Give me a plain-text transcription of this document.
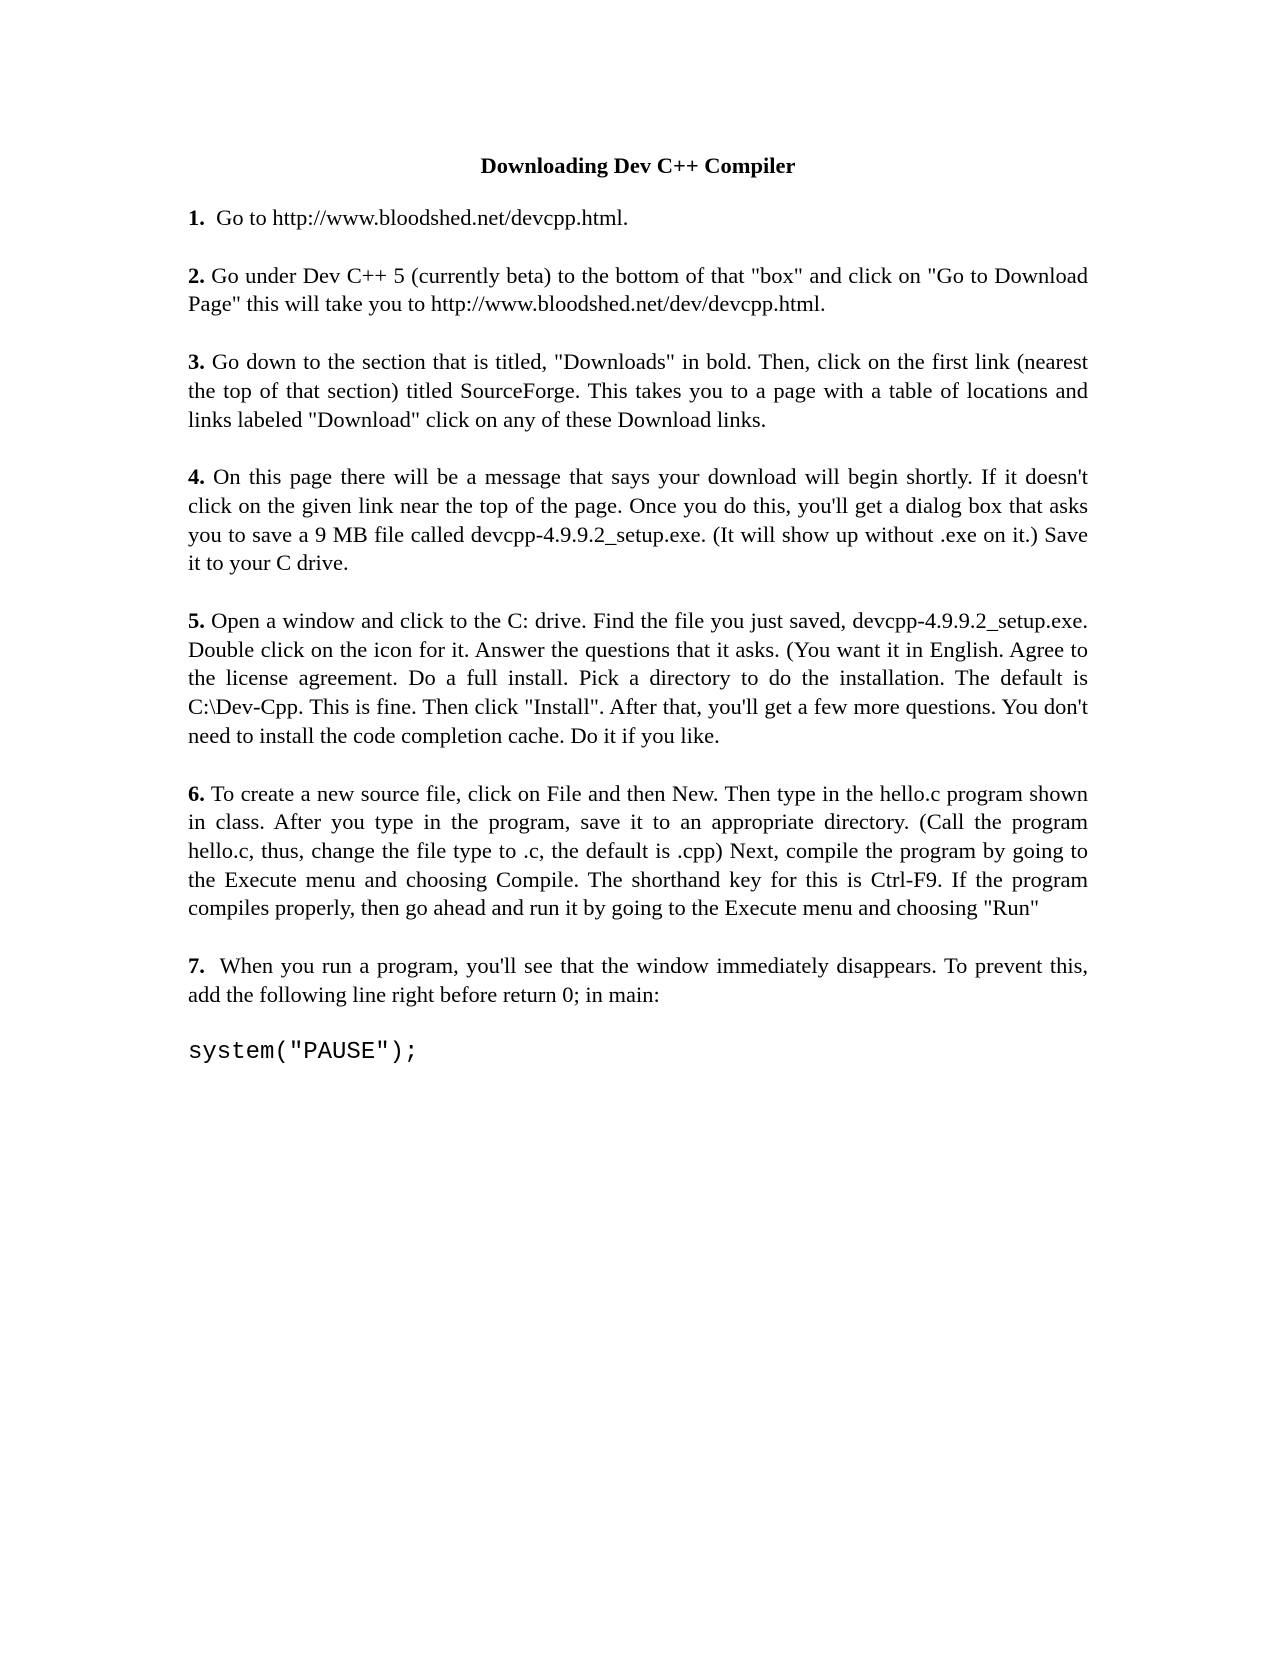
Downloading Dev C++ Compiler

1. Go to http://www.bloodshed.net/devcpp.html.

2. Go under Dev C++ 5 (currently beta) to the bottom of that "box" and click on "Go to Download Page" this will take you to http://www.bloodshed.net/dev/devcpp.html.

3. Go down to the section that is titled, "Downloads" in bold. Then, click on the first link (nearest the top of that section) titled SourceForge. This takes you to a page with a table of locations and links labeled "Download" click on any of these Download links.

4. On this page there will be a message that says your download will begin shortly. If it doesn't click on the given link near the top of the page. Once you do this, you'll get a dialog box that asks you to save a 9 MB file called devcpp-4.9.9.2_setup.exe. (It will show up without .exe on it.) Save it to your C drive.

5. Open a window and click to the C: drive. Find the file you just saved, devcpp-4.9.9.2_setup.exe. Double click on the icon for it. Answer the questions that it asks. (You want it in English. Agree to the license agreement. Do a full install. Pick a directory to do the installation. The default is C:\Dev-Cpp. This is fine. Then click "Install". After that, you'll get a few more questions. You don't need to install the code completion cache. Do it if you like.

6. To create a new source file, click on File and then New. Then type in the hello.c program shown in class. After you type in the program, save it to an appropriate directory. (Call the program hello.c, thus, change the file type to .c, the default is .cpp) Next, compile the program by going to the Execute menu and choosing Compile. The shorthand key for this is Ctrl-F9. If the program compiles properly, then go ahead and run it by going to the Execute menu and choosing "Run"

7. When you run a program, you'll see that the window immediately disappears. To prevent this, add the following line right before return 0; in main:

system("PAUSE");
